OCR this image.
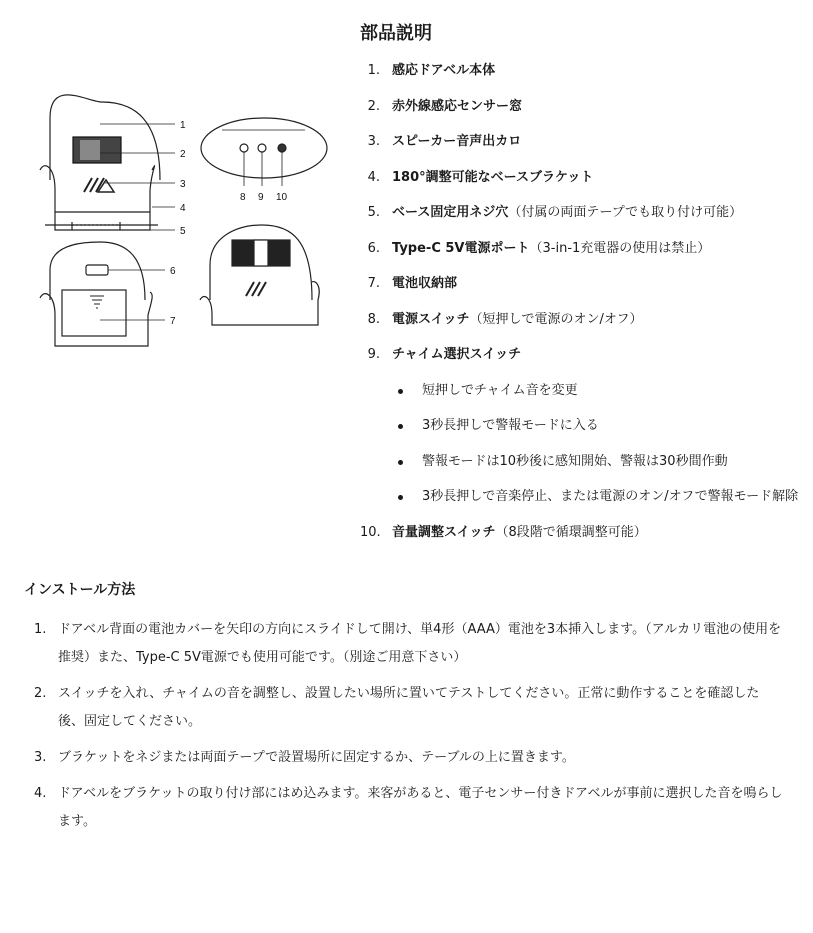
1
2
3
4
5
8 9 10
6
7
部品説明
1. 感応ドアベル本体
2. 赤外線感応センサー窓
3. スピーカー音声出カロ
4. 180°調整可能なベースブラケット
5. ベース固定用ネジ穴（付属の両面テープでも取り付け可能）
6. Type-C 5V電源ポート（3-in-1充電器の使用は禁止）
7. 電池収納部
8. 電源スイッチ（短押しで電源のオン/オフ）
9. チャイム選択スイッチ
短押しでチャイム音を変更
3秒長押しで警報モードに入る
警報モードは10秒後に感知開始、警報は30秒間作動
3秒長押しで音楽停止、または電源のオン/オフで警報モード解除
10. 音量調整スイッチ（8段階で循環調整可能）
インストール方法
1. ドアベル背面の電池カバーを矢印の方向にスライドして開け、単4形（AAA）電池を3本挿入します。（アルカリ電池の使用を推奨）また、Type-C 5V電源でも使用可能です。（別途ご用意下さい）
2. スイッチを入れ、チャイムの音を調整し、設置したい場所に置いてテストしてください。正常に動作することを確認した後、固定してください。
3. ブラケットをネジまたは両面テープで設置場所に固定するか、テーブルの上に置きます。
4. ドアベルをブラケットの取り付け部にはめ込みます。来客があると、電子センサー付きドアベルが事前に選択した音を鳴らします。
